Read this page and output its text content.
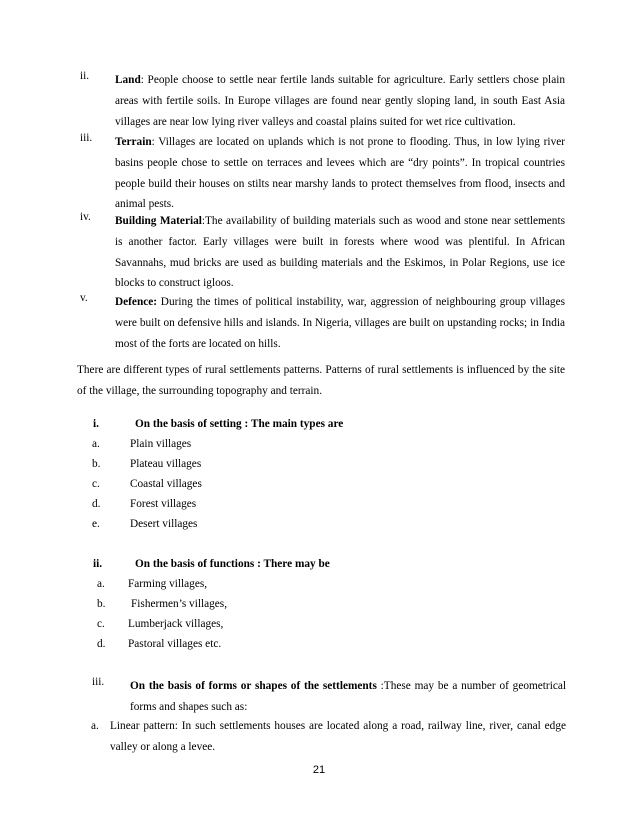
ii. Land: People choose to settle near fertile lands suitable for agriculture. Early settlers chose plain areas with fertile soils. In Europe villages are found near gently sloping land, in south East Asia villages are near low lying river valleys and coastal plains suited for wet rice cultivation.
iii. Terrain: Villages are located on uplands which is not prone to flooding. Thus, in low lying river basins people chose to settle on terraces and levees which are “dry points”. In tropical countries people build their houses on stilts near marshy lands to protect themselves from flood, insects and animal pests.
iv. Building Material:The availability of building materials such as wood and stone near settlements is another factor. Early villages were built in forests where wood was plentiful. In African Savannahs, mud bricks are used as building materials and the Eskimos, in Polar Regions, use ice blocks to construct igloos.
v. Defence: During the times of political instability, war, aggression of neighbouring group villages were built on defensive hills and islands. In Nigeria, villages are built on upstanding rocks; in India most of the forts are located on hills.
There are different types of rural settlements patterns. Patterns of rural settlements is influenced by the site of the village, the surrounding topography and terrain.
i.	On the basis of setting : The main types are
a.	Plain villages
b.	Plateau villages
c.	Coastal villages
d.	Forest villages
e.	Desert villages
ii.	On the basis of functions : There may be
a. Farming villages,
b. Fishermen’s villages,
c. Lumberjack villages,
d. Pastoral villages etc.
iii. On the basis of forms or shapes of the settlements :These may be a number of geometrical forms and shapes such as:
a. Linear pattern: In such settlements houses are located along a road, railway line, river, canal edge valley or along a levee.
21
